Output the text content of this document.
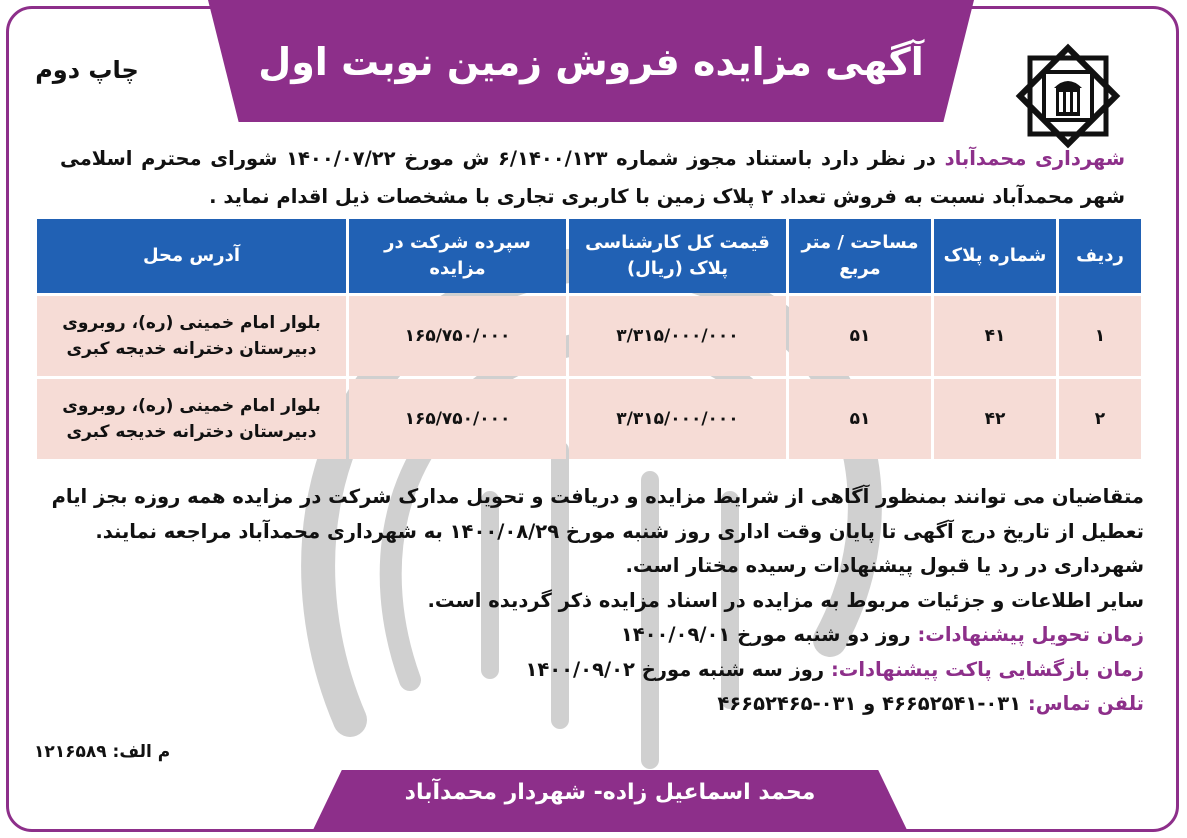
آگهی مزایده فروش زمین نوبت اول
چاپ دوم
شهرداری محمدآباد در نظر دارد باستناد مجوز شماره ۶/۱۴۰۰/۱۲۳ ش مورخ ۱۴۰۰/۰۷/۲۲ شورای محترم اسلامی شهر محمدآباد نسبت به فروش تعداد ۲ پلاک زمین با کاربری تجاری با مشخصات ذیل اقدام نماید .
ردیف	شماره پلاک	مساحت / متر مربع	قیمت کل کارشناسی پلاک (ریال)	سپرده شرکت در مزایده	آدرس محل
۱	۴۱	۵۱	۳/۳۱۵/۰۰۰/۰۰۰	۱۶۵/۷۵۰/۰۰۰	بلوار امام خمینی (ره)، روبروی دبیرستان دخترانه خدیجه کبری
۲	۴۲	۵۱	۳/۳۱۵/۰۰۰/۰۰۰	۱۶۵/۷۵۰/۰۰۰	بلوار امام خمینی (ره)، روبروی دبیرستان دخترانه خدیجه کبری

متقاضیان می توانند بمنظور آگاهی از شرایط مزایده و دریافت و تحویل مدارک شرکت در مزایده همه روزه بجز ایام تعطیل از تاریخ درج آگهی تا پایان وقت اداری روز شنبه مورخ ۱۴۰۰/۰۸/۲۹ به شهرداری محمدآباد مراجعه نمایند.

شهرداری در رد یا قبول پیشنهادات رسیده مختار است.

سایر اطلاعات و جزئیات مربوط به مزایده در اسناد مزایده ذکر گردیده است.

زمان تحویل پیشنهادات: روز دو شنبه مورخ ۱۴۰۰/۰۹/۰۱

زمان بازگشایی پاکت پیشنهادات: روز سه شنبه مورخ ۱۴۰۰/۰۹/۰۲

تلفن تماس: ۰۳۱-۴۶۶۵۲۵۴۱ و ۰۳۱-۴۶۶۵۲۴۶۵

م الف: ۱۲۱۶۵۸۹
محمد اسماعیل زاده- شهردار محمدآباد
